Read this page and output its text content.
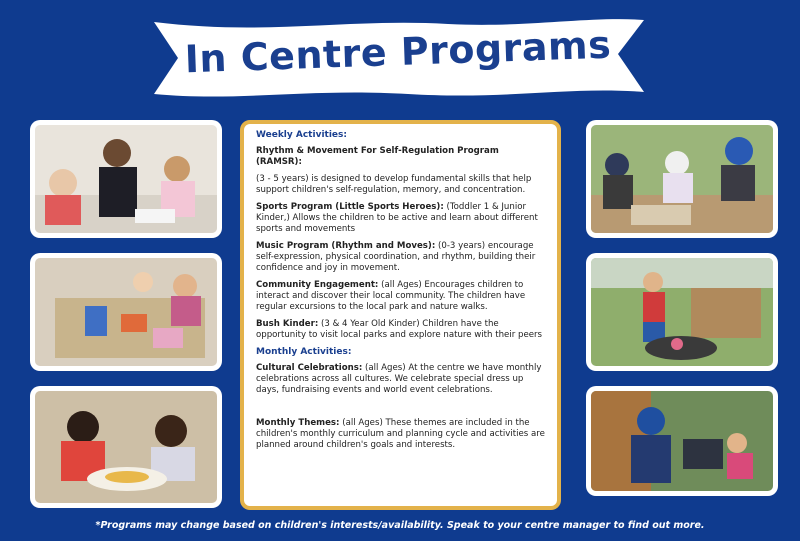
In Centre Programs
Weekly Activities:
Rhythm & Movement For Self-Regulation Program (RAMSR):
(3 - 5 years) is designed to develop fundamental skills that help support children's self-regulation, memory, and concentration.
Sports Program (Little Sports Heroes): (Toddler 1 & Junior Kinder,) Allows the children to be active and learn about different sports and movements
Music Program (Rhythm and Moves): (0-3 years) encourage self-expression, physical coordination, and rhythm, building their confidence and joy in movement.
Community Engagement: (all Ages) Encourages children to interact and discover their local community. The children have regular excursions to the local park and nature walks.
Bush Kinder: (3 & 4 Year Old Kinder) Children have the opportunity to visit local parks and explore nature with their peers
Monthly Activities:
Cultural Celebrations: (all Ages) At the centre we have monthly celebrations across all cultures. We celebrate special dress up days, fundraising events and world event celebrations.
Monthly Themes: (all Ages) These themes are included in the children's monthly curriculum and planning cycle and activities are planned around children's goals and interests.
*Programs may change based on children's interests/availability. Speak to your centre manager to find out more.
